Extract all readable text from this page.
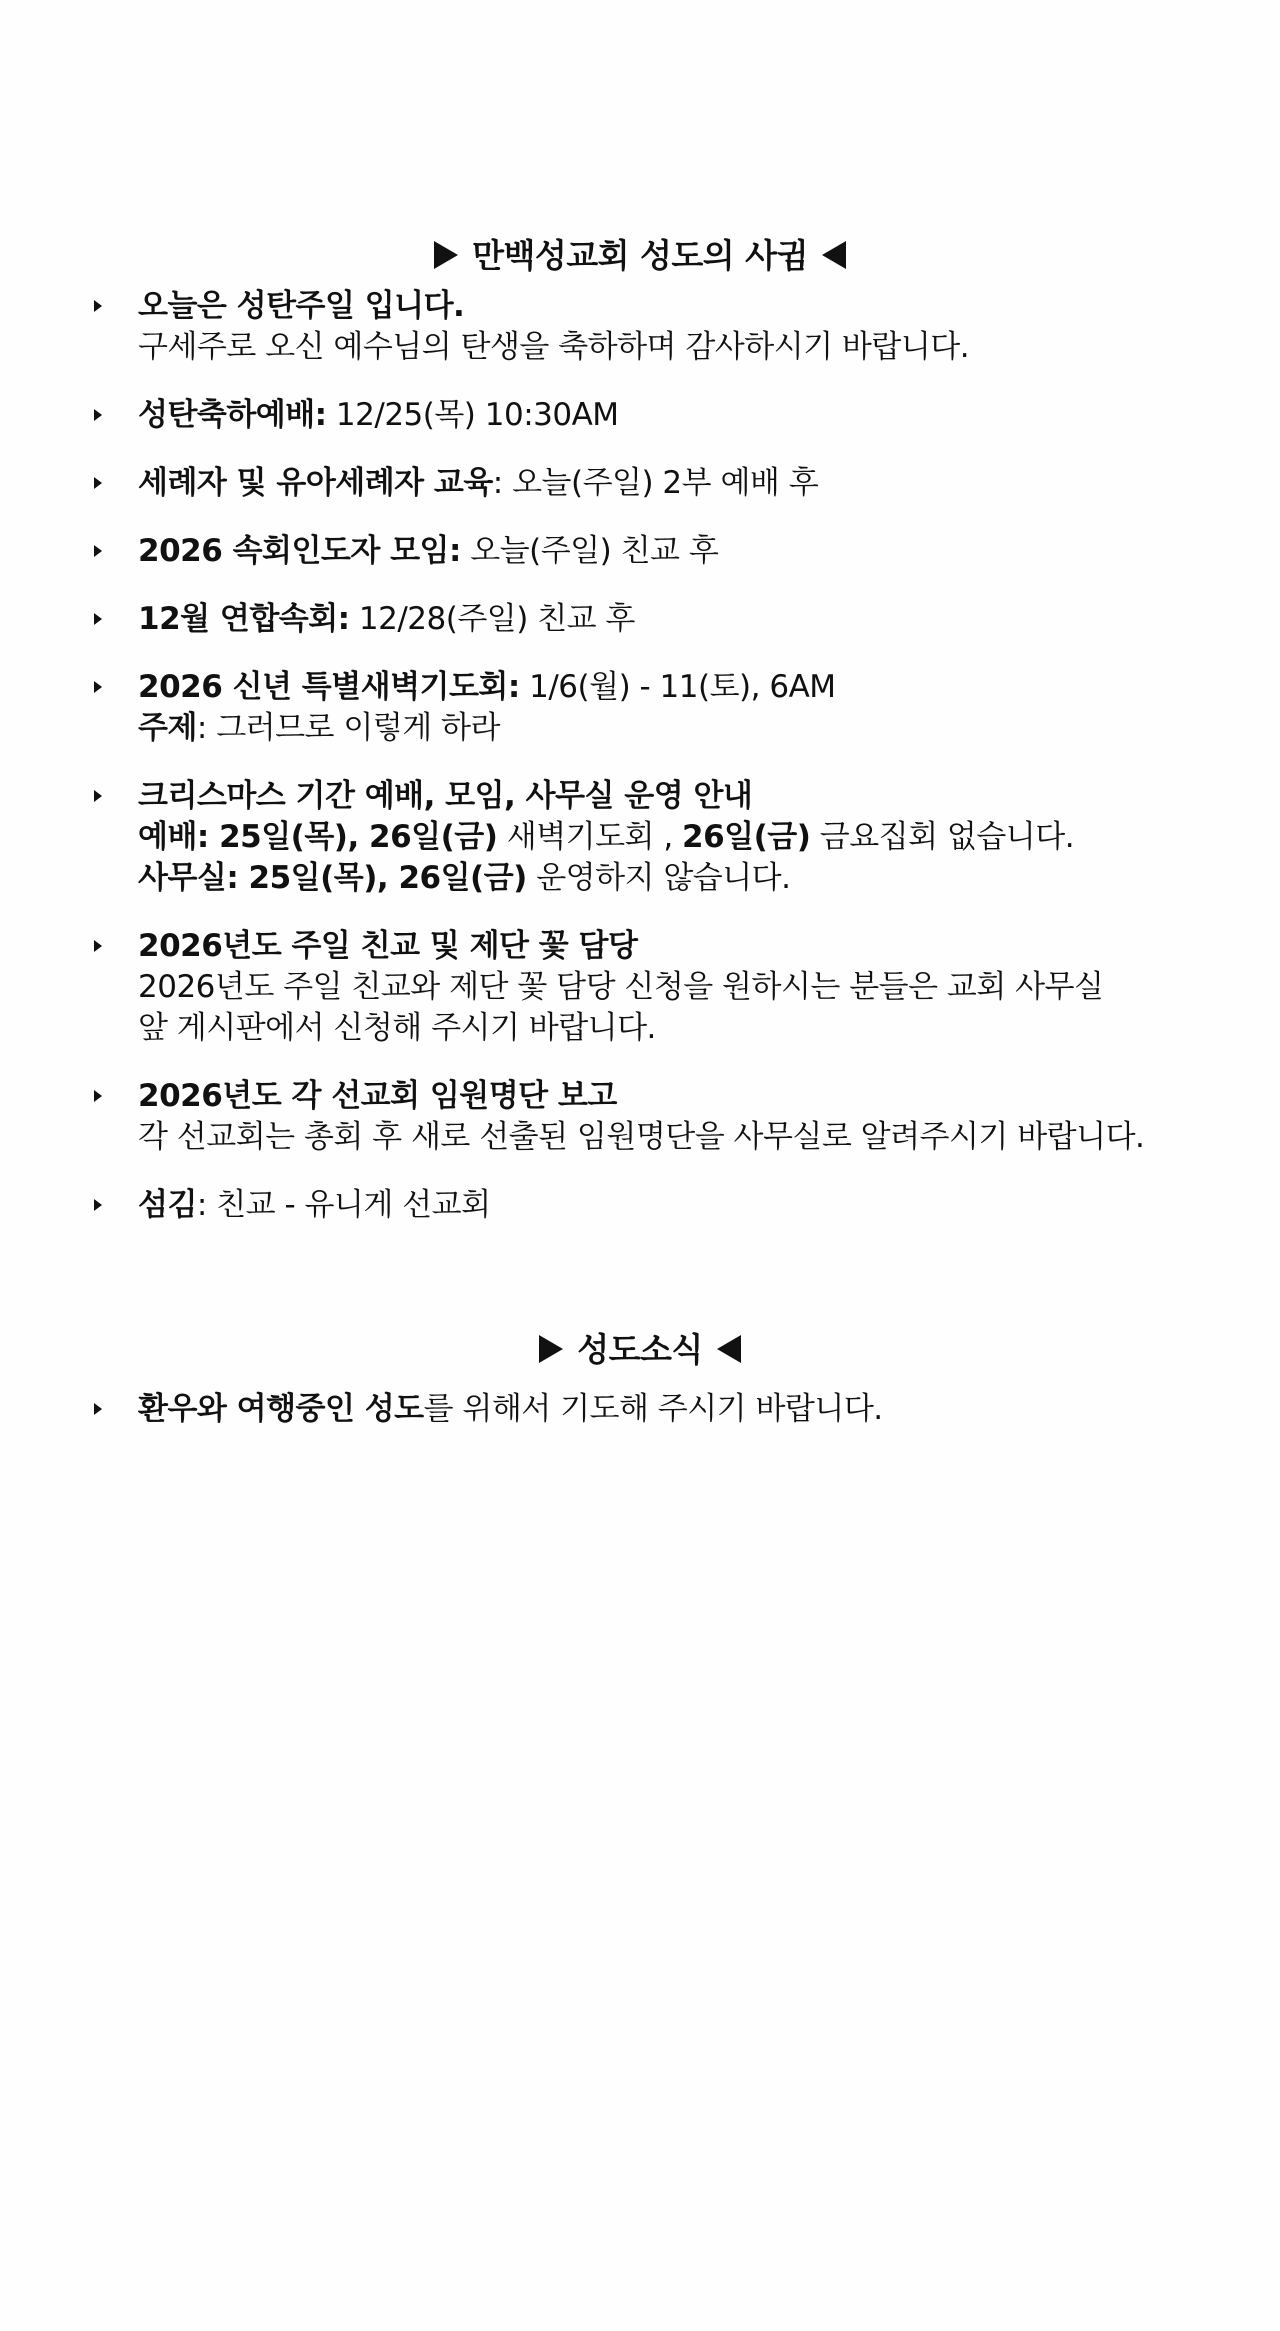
만백성교회 성도의 사귐
오늘은 성탄주일 입니다.
구세주로 오신 예수님의 탄생을 축하하며 감사하시기 바랍니다.
성탄축하예배: 12/25(목) 10:30AM
세례자 및 유아세례자 교육: 오늘(주일) 2부 예배 후
2026 속회인도자 모임: 오늘(주일) 친교 후
12월 연합속회: 12/28(주일) 친교 후
2026 신년 특별새벽기도회: 1/6(월) - 11(토), 6AM
주제: 그러므로 이렇게 하라
크리스마스 기간 예배, 모임, 사무실 운영 안내
예배: 25일(목), 26일(금) 새벽기도회 , 26일(금) 금요집회 없습니다.
사무실: 25일(목), 26일(금) 운영하지 않습니다.
2026년도 주일 친교 및 제단 꽃 담당
2026년도 주일 친교와 제단 꽃 담당 신청을 원하시는 분들은 교회 사무실
앞 게시판에서 신청해 주시기 바랍니다.
2026년도 각 선교회 임원명단 보고
각 선교회는 총회 후 새로 선출된 임원명단을 사무실로 알려주시기 바랍니다.
섬김: 친교 - 유니게 선교회
성도소식
환우와 여행중인 성도를 위해서 기도해 주시기 바랍니다.
